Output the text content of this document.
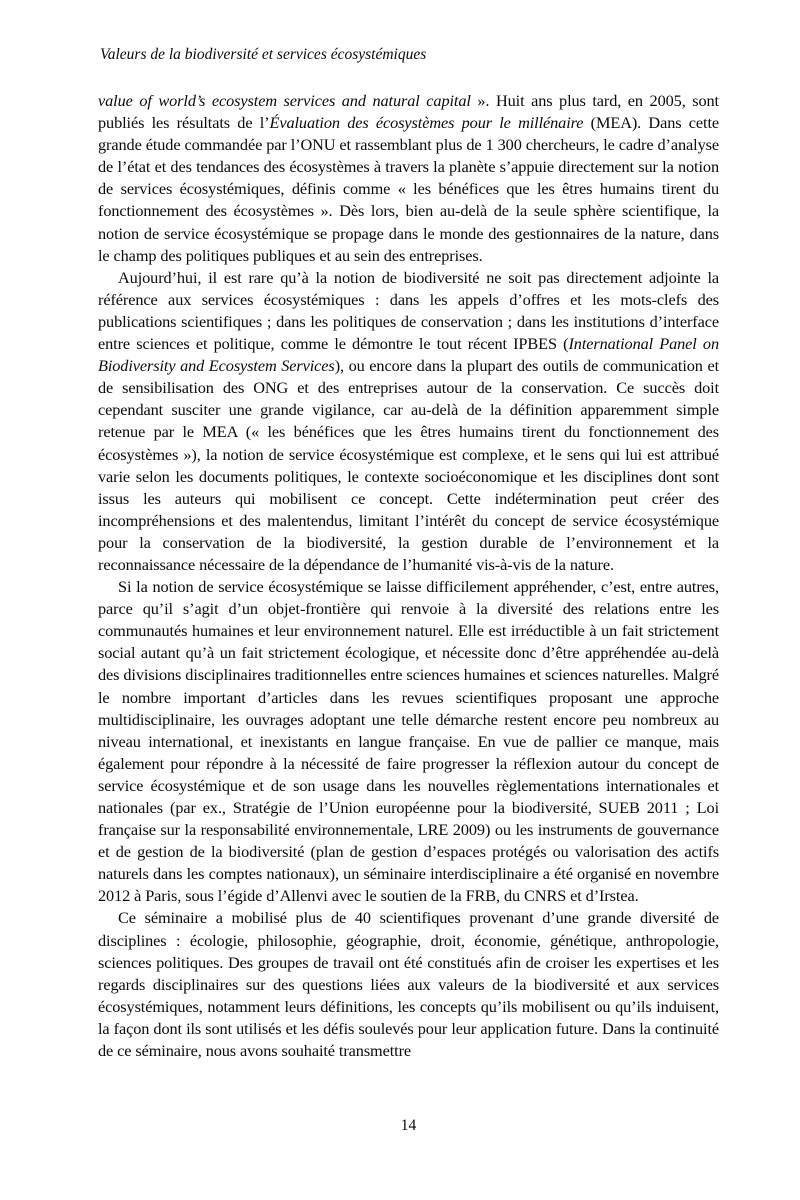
Valeurs de la biodiversité et services écosystémiques

value of world’s ecosystem services and natural capital ». Huit ans plus tard, en 2005, sont publiés les résultats de l’Évaluation des écosystèmes pour le millénaire (MEA). Dans cette grande étude commandée par l’ONU et rassemblant plus de 1 300 chercheurs, le cadre d’analyse de l’état et des tendances des écosystèmes à travers la planète s’appuie directement sur la notion de services écosystémiques, définis comme « les bénéfices que les êtres humains tirent du fonctionnement des écosystèmes ». Dès lors, bien au-delà de la seule sphère scientifique, la notion de service écosystémique se propage dans le monde des gestionnaires de la nature, dans le champ des politiques publiques et au sein des entreprises.

Aujourd’hui, il est rare qu’à la notion de biodiversité ne soit pas directement adjointe la référence aux services écosystémiques : dans les appels d’offres et les mots-clefs des publications scientifiques ; dans les politiques de conservation ; dans les institutions d’interface entre sciences et politique, comme le démontre le tout récent IPBES (International Panel on Biodiversity and Ecosystem Services), ou encore dans la plupart des outils de communication et de sensibilisation des ONG et des entreprises autour de la conservation. Ce succès doit cependant susciter une grande vigilance, car au-delà de la définition apparemment simple retenue par le MEA (« les bénéfices que les êtres humains tirent du fonctionnement des écosystèmes »), la notion de service écosystémique est complexe, et le sens qui lui est attribué varie selon les documents politiques, le contexte socioéconomique et les disciplines dont sont issus les auteurs qui mobilisent ce concept. Cette indétermination peut créer des incompréhensions et des malentendus, limitant l’intérêt du concept de service écosystémique pour la conservation de la biodiversité, la gestion durable de l’environnement et la reconnaissance nécessaire de la dépendance de l’humanité vis-à-vis de la nature.

Si la notion de service écosystémique se laisse difficilement appréhender, c’est, entre autres, parce qu’il s’agit d’un objet-frontière qui renvoie à la diversité des relations entre les communautés humaines et leur environnement naturel. Elle est irréductible à un fait strictement social autant qu’à un fait strictement écologique, et nécessite donc d’être appréhendée au-delà des divisions disciplinaires traditionnelles entre sciences humaines et sciences naturelles. Malgré le nombre important d’articles dans les revues scientifiques proposant une approche multidisciplinaire, les ouvrages adoptant une telle démarche restent encore peu nombreux au niveau international, et inexistants en langue française. En vue de pallier ce manque, mais également pour répondre à la nécessité de faire progresser la réflexion autour du concept de service écosystémique et de son usage dans les nouvelles règlementations internationales et nationales (par ex., Stratégie de l’Union européenne pour la biodiversité, SUEB 2011 ; Loi française sur la responsabilité environnementale, LRE 2009) ou les instruments de gouvernance et de gestion de la biodiversité (plan de gestion d’espaces protégés ou valorisation des actifs naturels dans les comptes nationaux), un séminaire interdisciplinaire a été organisé en novembre 2012 à Paris, sous l’égide d’Allenvi avec le soutien de la FRB, du CNRS et d’Irstea.

Ce séminaire a mobilisé plus de 40 scientifiques provenant d’une grande diversité de disciplines : écologie, philosophie, géographie, droit, économie, génétique, anthropologie, sciences politiques. Des groupes de travail ont été constitués afin de croiser les expertises et les regards disciplinaires sur des questions liées aux valeurs de la biodiversité et aux services écosystémiques, notamment leurs définitions, les concepts qu’ils mobilisent ou qu’ils induisent, la façon dont ils sont utilisés et les défis soulevés pour leur application future. Dans la continuité de ce séminaire, nous avons souhaité transmettre

14
